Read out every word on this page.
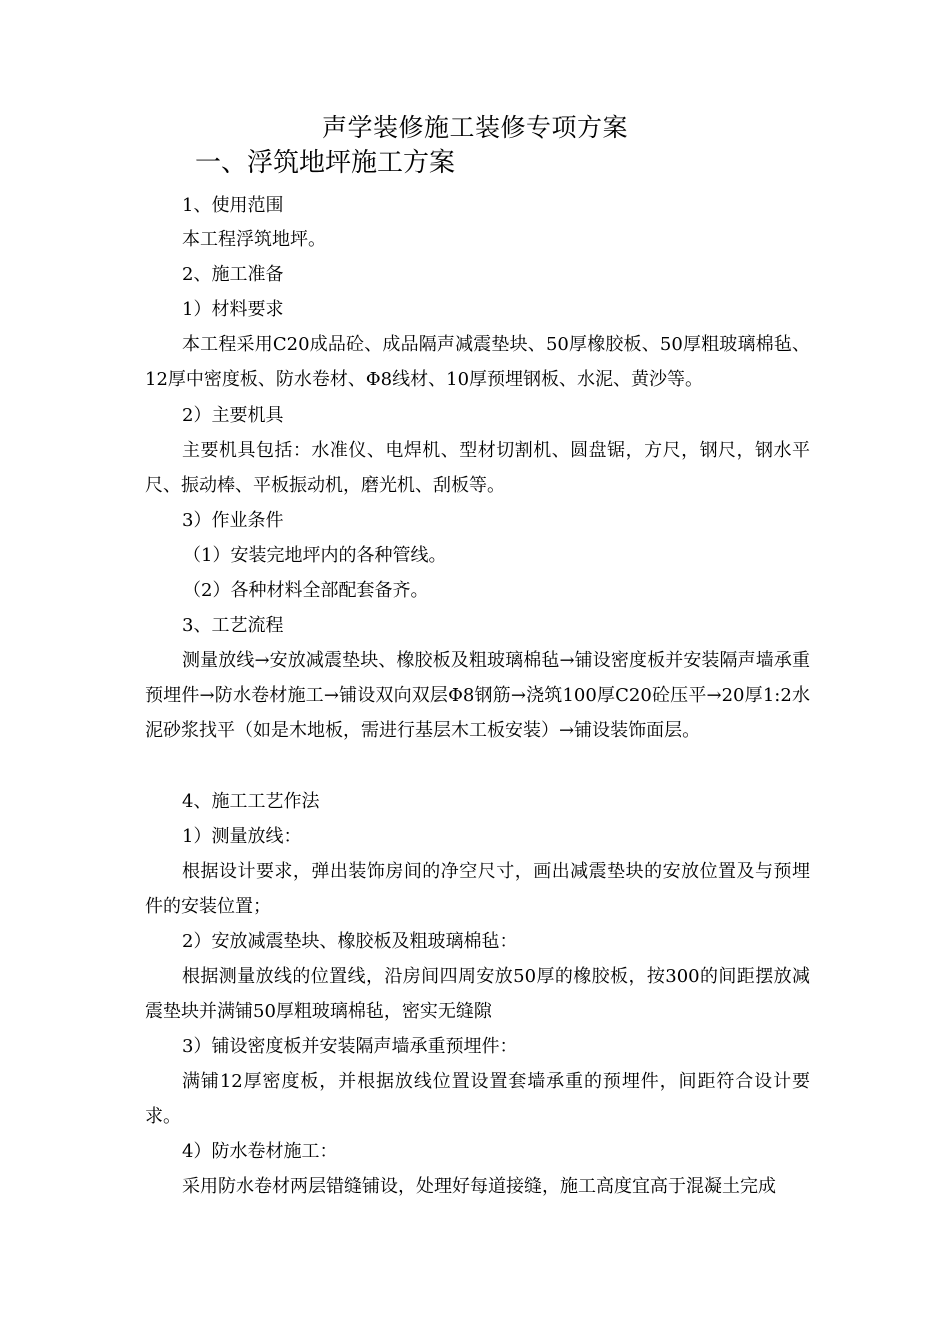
声学装修施工装修专项方案
一、浮筑地坪施工方案
1、使用范围
本工程浮筑地坪。
2、施工准备
1）材料要求
本工程采用C20成品砼、成品隔声减震垫块、50厚橡胶板、50厚粗玻璃棉毡、12厚中密度板、防水卷材、Φ8线材、10厚预埋钢板、水泥、黄沙等。
2）主要机具
主要机具包括：水准仪、电焊机、型材切割机、圆盘锯，方尺，钢尺，钢水平尺、振动棒、平板振动机，磨光机、刮板等。
3）作业条件
（1）安装完地坪内的各种管线。
（2）各种材料全部配套备齐。
3、工艺流程
测量放线→安放减震垫块、橡胶板及粗玻璃棉毡→铺设密度板并安装隔声墙承重预埋件→防水卷材施工→铺设双向双层Φ8钢筋→浇筑100厚C20砼压平→20厚1:2水泥砂浆找平（如是木地板，需进行基层木工板安装）→铺设装饰面层。
4、施工工艺作法
1）测量放线：
根据设计要求，弹出装饰房间的净空尺寸，画出减震垫块的安放位置及与预埋件的安装位置；
2）安放减震垫块、橡胶板及粗玻璃棉毡：
根据测量放线的位置线，沿房间四周安放50厚的橡胶板，按300的间距摆放减震垫块并满铺50厚粗玻璃棉毡，密实无缝隙
3）铺设密度板并安装隔声墙承重预埋件：
满铺12厚密度板，并根据放线位置设置套墙承重的预埋件，间距符合设计要求。
4）防水卷材施工：
采用防水卷材两层错缝铺设，处理好每道接缝，施工高度宜高于混凝土完成
